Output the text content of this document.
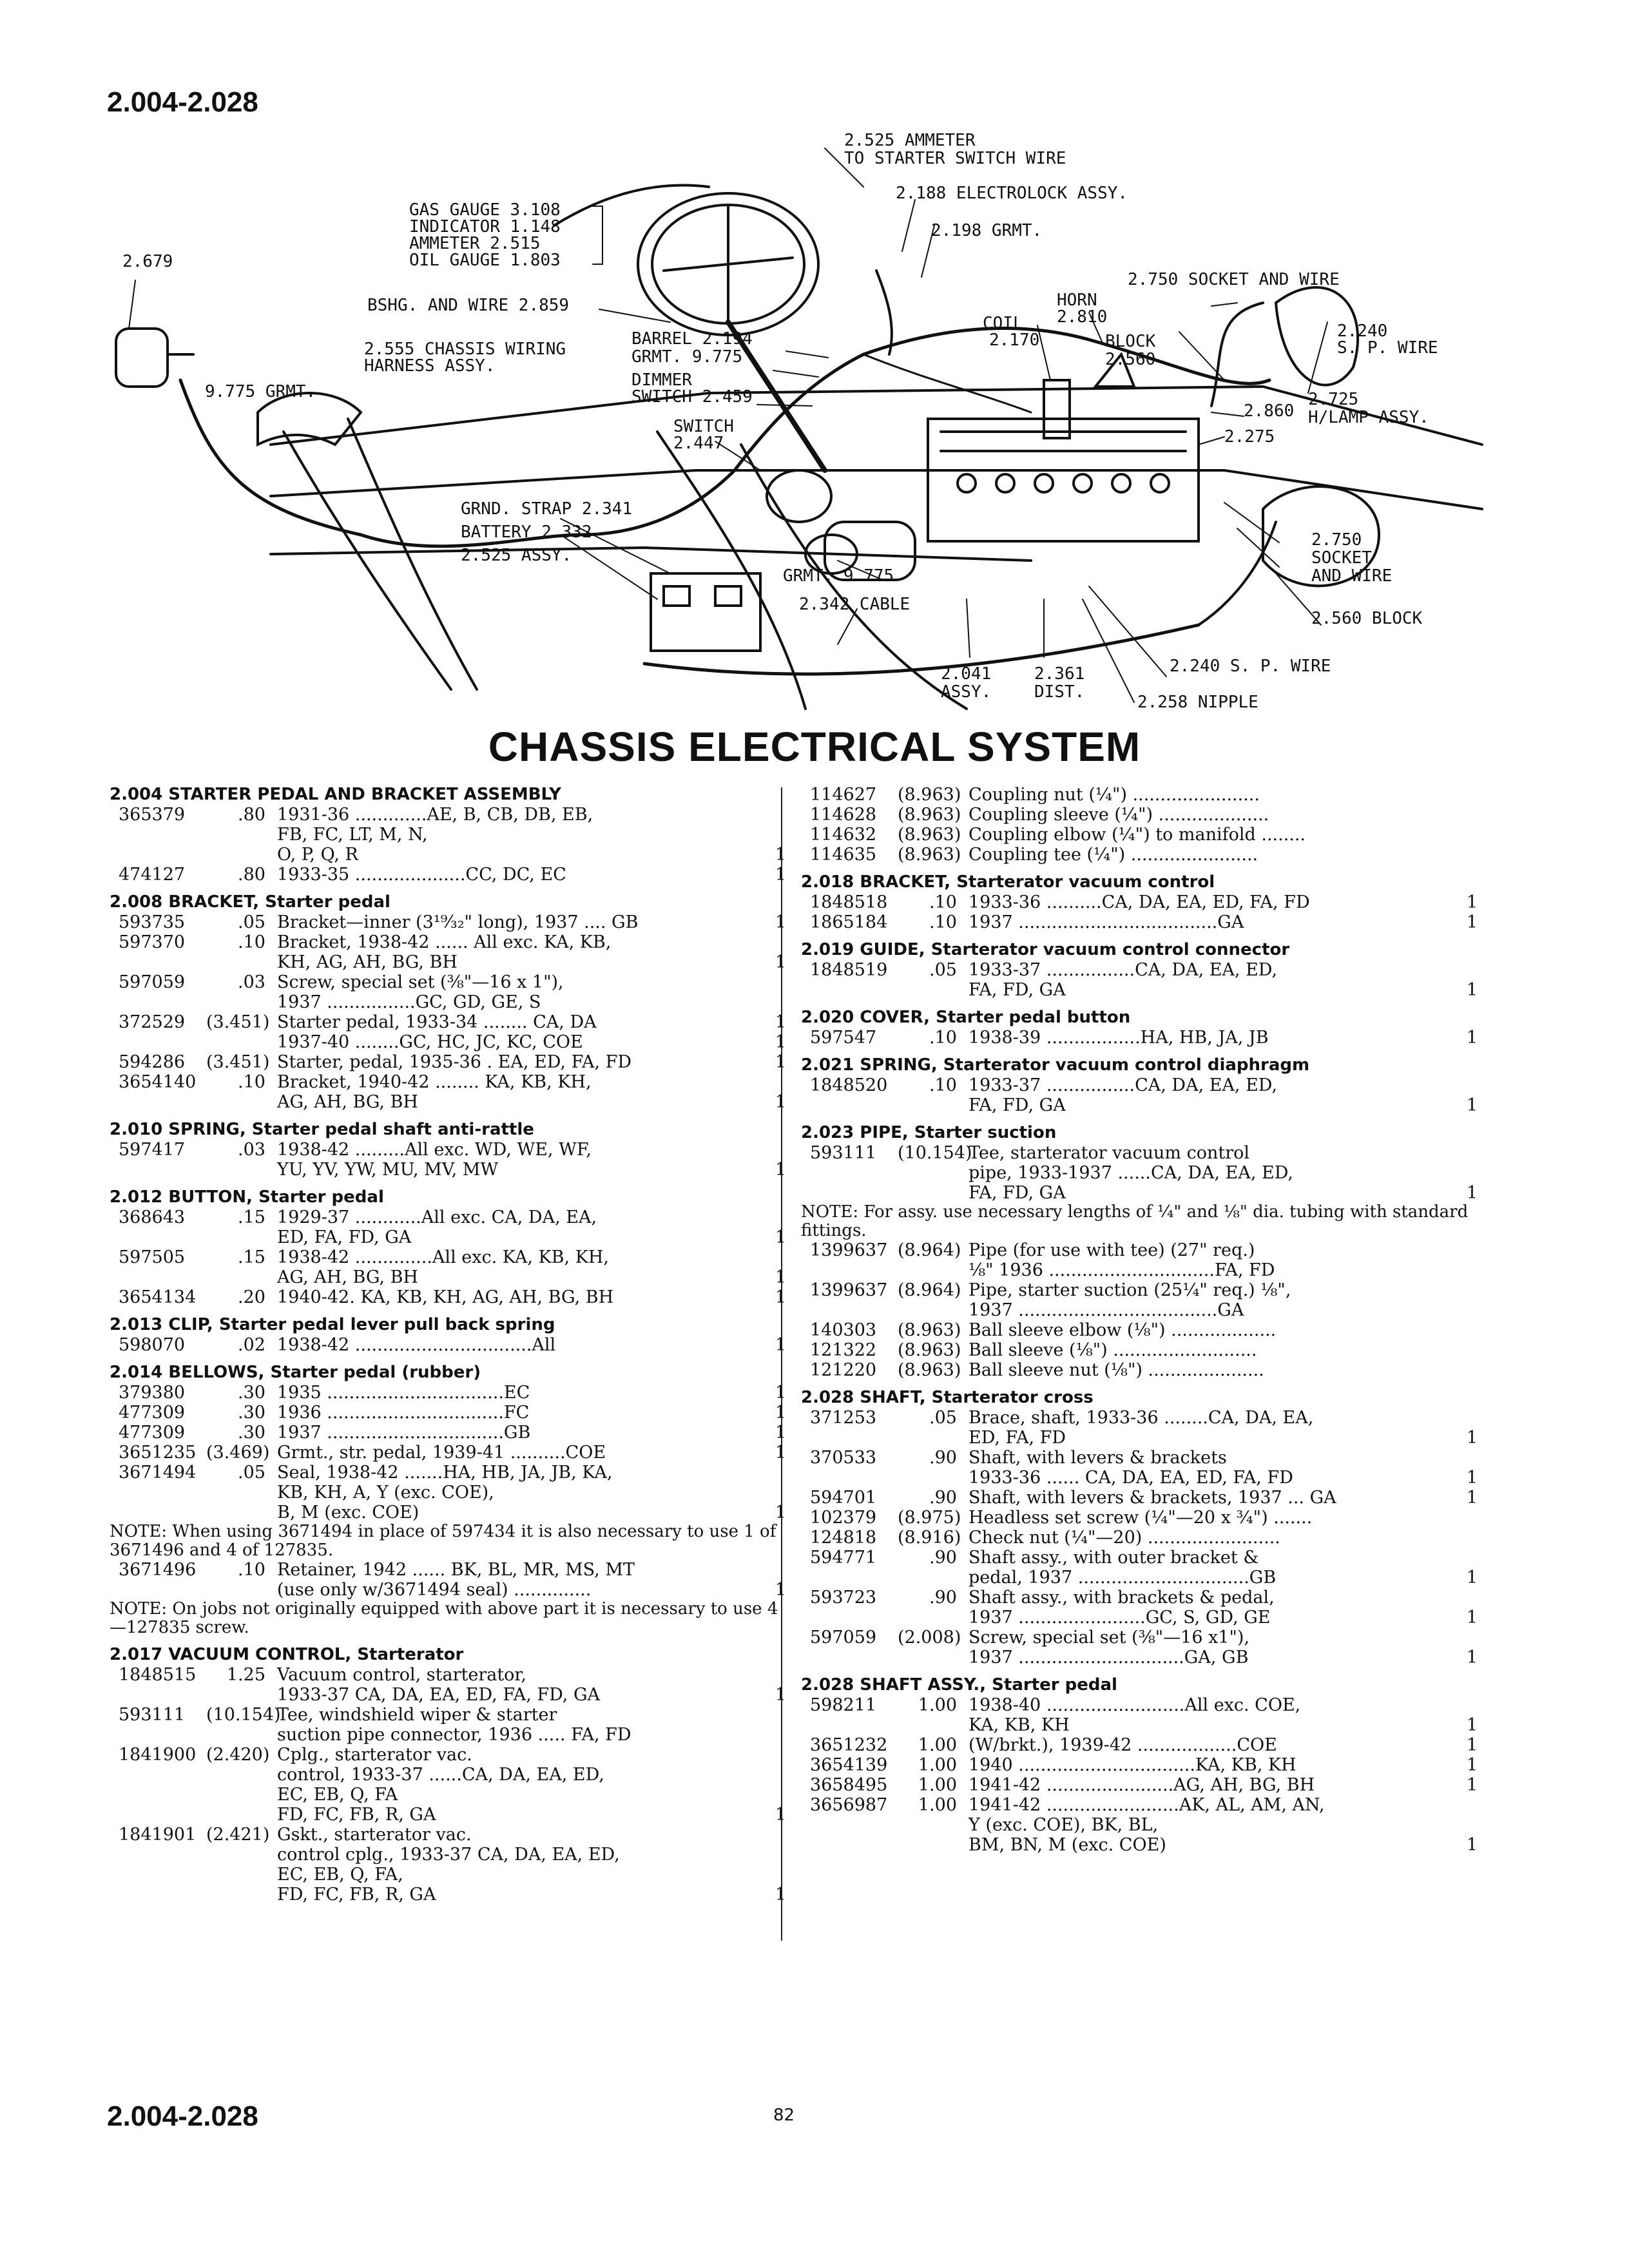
2.004-2.028
2.525 AMMETER
TO STARTER SWITCH WIRE
2.188 ELECTROLOCK ASSY.
2.198 GRMT.
GAS GAUGE 3.108
INDICATOR 1.148
AMMETER 2.515
OIL GAUGE 1.803
BSHG. AND WIRE 2.859
2.679
2.750 SOCKET AND WIRE
HORN
2.810
COIL
2.170	BLOCK
2.560
2.240
S. P. WIRE
2.555 CHASSIS WIRING
HARNESS ASSY.
BARREL 2.194
GRMT. 9.775
DIMMER
SWITCH 2.459
9.775 GRMT.
SWITCH
2.447
2.725
H/LAMP ASSY.
2.860
2.275
GRND. STRAP 2.341
BATTERY 2.332
2.525 ASSY.
2.750
SOCKET
AND WIRE
GRMT. 9.775
2.342 CABLE
2.560 BLOCK
2.041
ASSY.
2.361
DIST.
2.240 S. P. WIRE
2.258 NIPPLE
CHASSIS ELECTRICAL SYSTEM
2.004 STARTER PEDAL AND BRACKET ASSEMBLY
365379	.80 1931-36 .............AE, B, CB, DB, EB,
FB, FC, LT, M, N,
O, P, Q, R	1
474127	.80 1933-35 ....................CC, DC, EC	1
2.008 BRACKET, Starter pedal
593735	.05 Bracket—inner (3¹⁹⁄₃₂" long), 1937 .... GB	1
597370	.10 Bracket, 1938-42 ...... All exc. KA, KB,
KH, AG, AH, BG, BH	1
597059	.03 Screw, special set (⅜"—16 x 1"),
1937 ................GC, GD, GE, S
372529	(3.451) Starter pedal, 1933-34 ........ CA, DA	1
1937-40 ........GC, HC, JC, KC, COE	1
594286	(3.451) Starter, pedal, 1935-36 . EA, ED, FA, FD	1
3654140	.10 Bracket, 1940-42 ........ KA, KB, KH,
AG, AH, BG, BH	1
2.010 SPRING, Starter pedal shaft anti-rattle
597417	.03 1938-42 .........All exc. WD, WE, WF,
YU, YV, YW, MU, MV, MW	1
2.012 BUTTON, Starter pedal
368643	.15 1929-37 ............All exc. CA, DA, EA,
ED, FA, FD, GA	1
597505	.15 1938-42 ..............All exc. KA, KB, KH,
AG, AH, BG, BH	1
3654134	.20 1940-42. KA, KB, KH, AG, AH, BG, BH	1
2.013 CLIP, Starter pedal lever pull back spring
598070	.02 1938-42 ................................All	1
2.014 BELLOWS, Starter pedal (rubber)
379380	.30 1935 ................................EC	1
477309	.30 1936 ................................FC	1
477309	.30 1937 ................................GB	1
3651235 (3.469) Grmt., str. pedal, 1939-41 ..........COE	1
3671494	.05 Seal, 1938-42 .......HA, HB, JA, JB, KA,
KB, KH, A, Y (exc. COE),
B, M (exc. COE)	1
NOTE: When using 3671494 in place of 597434 it is also necessary to use 1 of 3671496 and 4 of 127835.
3671496	.10 Retainer, 1942 ...... BK, BL, MR, MS, MT
(use only w/3671494 seal) ..............	1
NOTE: On jobs not originally equipped with above part it is necessary to use 4—127835 screw.
2.017 VACUUM CONTROL, Starterator
1848515	1.25 Vacuum control, starterator,
1933-37 CA, DA, EA, ED, FA, FD, GA	1
593111	(10.154)
Tee, windshield wiper & starter
suction pipe connector, 1936 ..... FA, FD
1841900 (2.420) Cplg., starterator vac.
control, 1933-37 ......CA, DA, EA, ED,
EC, EB, Q, FA
FD, FC, FB, R, GA	1
1841901 (2.421) Gskt., starterator vac.
control cplg., 1933-37 CA, DA, EA, ED,
EC, EB, Q, FA,
FD, FC, FB, R, GA	1
114627	(8.963) Coupling nut (¼") .......................
114628	(8.963) Coupling sleeve (¼") ....................
114632	(8.963) Coupling elbow (¼") to manifold ........
114635	(8.963) Coupling tee (¼") .......................
2.018 BRACKET, Starterator vacuum control
1848518	.10 1933-36 ..........CA, DA, EA, ED, FA, FD	1
1865184	.10 1937 ....................................GA	1
2.019 GUIDE, Starterator vacuum control connector
1848519	.05 1933-37 ................CA, DA, EA, ED,
FA, FD, GA	1
2.020 COVER, Starter pedal button
597547	.10 1938-39 .................HA, HB, JA, JB	1
2.021 SPRING, Starterator vacuum control diaphragm
1848520	.10 1933-37 ................CA, DA, EA, ED,
FA, FD, GA	1
2.023 PIPE, Starter suction
593111	(10.154)
Tee, starterator vacuum control
pipe, 1933-1937 ......CA, DA, EA, ED,
FA, FD, GA	1
NOTE: For assy. use necessary lengths of ¼" and ⅛" dia. tubing with standard fittings.
1399637 (8.964) Pipe (for use with tee) (27" req.)
⅛" 1936 ..............................FA, FD
1399637 (8.964) Pipe, starter suction (25¼" req.) ⅛",
1937 ....................................GA
140303	(8.963) Ball sleeve elbow (⅛") ...................
121322	(8.963) Ball sleeve (⅛") ..........................
121220	(8.963) Ball sleeve nut (⅛") .....................
2.028 SHAFT, Starterator cross
371253	.05 Brace, shaft, 1933-36 ........CA, DA, EA,
ED, FA, FD	1
370533	.90 Shaft, with levers & brackets
1933-36 ...... CA, DA, EA, ED, FA, FD	1
594701	.90 Shaft, with levers & brackets, 1937 ... GA	1
102379	(8.975) Headless set screw (¼"—20 x ¾") .......
124818	(8.916) Check nut (¼"—20) ........................
594771	.90 Shaft assy., with outer bracket &
pedal, 1937 ...............................GB	1
593723	.90 Shaft assy., with brackets & pedal,
1937 .......................GC, S, GD, GE	1
597059	(2.008) Screw, special set (⅜"—16 x1"),
1937 ..............................GA, GB	1
2.028 SHAFT ASSY., Starter pedal
598211	1.00 1938-40 .........................All exc. COE,
KA, KB, KH	1
3651232	1.00 (W/brkt.), 1939-42 ..................COE	1
3654139	1.00 1940 ................................KA, KB, KH	1
3658495	1.00 1941-42 .......................AG, AH, BG, BH	1
3656987	1.00 1941-42 ........................AK, AL, AM, AN,
Y (exc. COE), BK, BL,
BM, BN, M (exc. COE)	1
2.004-2.028	82
